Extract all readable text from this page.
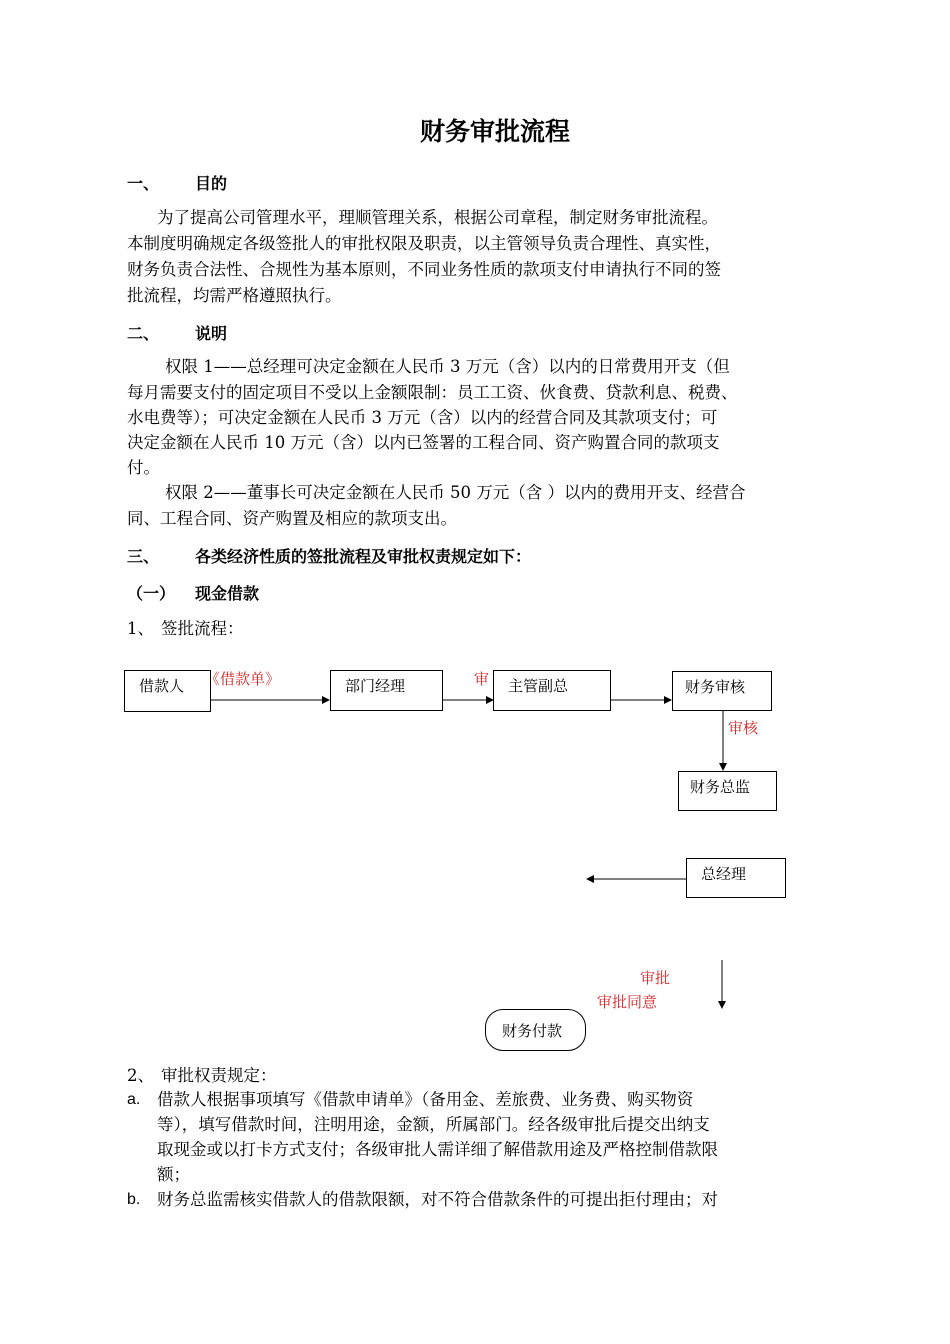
财务审批流程
一、 目的
为了提高公司管理水平，理顺管理关系，根据公司章程，制定财务审批流程。
本制度明确规定各级签批人的审批权限及职责，以主管领导负责合理性、真实性，
财务负责合法性、合规性为基本原则，不同业务性质的款项支付申请执行不同的签
批流程，均需严格遵照执行。
二、 说明
权限 1——总经理可决定金额在人民币 3 万元（含）以内的日常费用开支（但
每月需要支付的固定项目不受以上金额限制：员工工资、伙食费、贷款利息、税费、
水电费等）；可决定金额在人民币 3 万元（含）以内的经营合同及其款项支付；可
决定金额在人民币 10 万元（含）以内已签署的工程合同、资产购置合同的款项支
付。
权限 2——董事长可决定金额在人民币 50 万元（含 ）以内的费用开支、经营合
同、工程合同、资产购置及相应的款项支出。
三、 各类经济性质的签批流程及审批权责规定如下：
（一） 现金借款
1、 签批流程：
借款人	《借款单》	部门经理	审	主管副总	财务审核
审核
财务总监
总经理
审批
审批同意
财务付款
2、 审批权责规定：
a. 借款人根据事项填写《借款申请单》（备用金、差旅费、业务费、购买物资
等），填写借款时间，注明用途，金额，所属部门。经各级审批后提交出纳支
取现金或以打卡方式支付；各级审批人需详细了解借款用途及严格控制借款限
额；
b. 财务总监需核实借款人的借款限额，对不符合借款条件的可提出拒付理由；对
